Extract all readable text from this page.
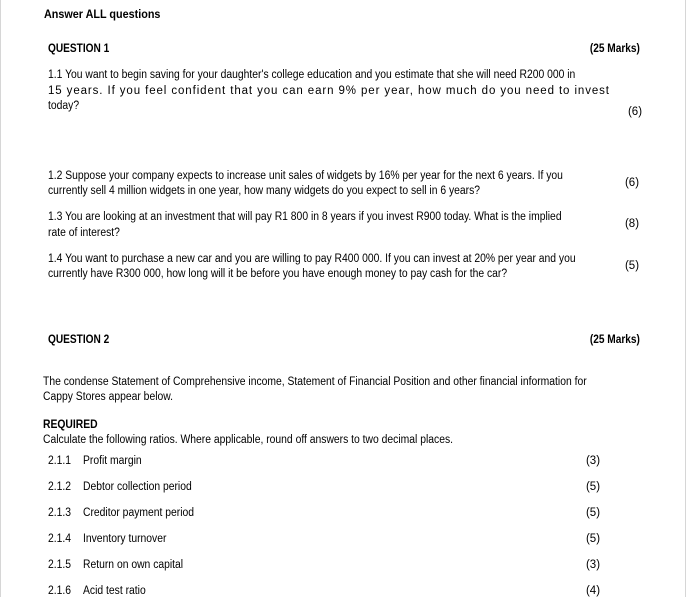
Answer ALL questions
QUESTION 1	(25 Marks)
1.1 You want to begin saving for your daughter's college education and you estimate that she will need R200 000 in
15 years. If you feel confident that you can earn 9% per year, how much do you need to invest
today?	(6)
1.2 Suppose your company expects to increase unit sales of widgets by 16% per year for the next 6 years. If you
currently sell 4 million widgets in one year, how many widgets do you expect to sell in 6 years?
(6)
1.3 You are looking at an investment that will pay R1 800 in 8 years if you invest R900 today. What is the implied
rate of interest?
(8)
1.4 You want to purchase a new car and you are willing to pay R400 000. If you can invest at 20% per year and you
currently have R300 000, how long will it be before you have enough money to pay cash for the car?
(5)
QUESTION 2	(25 Marks)
The condense Statement of Comprehensive income, Statement of Financial Position and other financial information for
Cappy Stores appear below.
REQUIRED
Calculate the following ratios. Where applicable, round off answers to two decimal places.
2.1.1 Profit margin	(3)
2.1.2 Debtor collection period	(5)
2.1.3 Creditor payment period	(5)
2.1.4 Inventory turnover	(5)
2.1.5 Return on own capital	(3)
2.1.6 Acid test ratio	(4)
